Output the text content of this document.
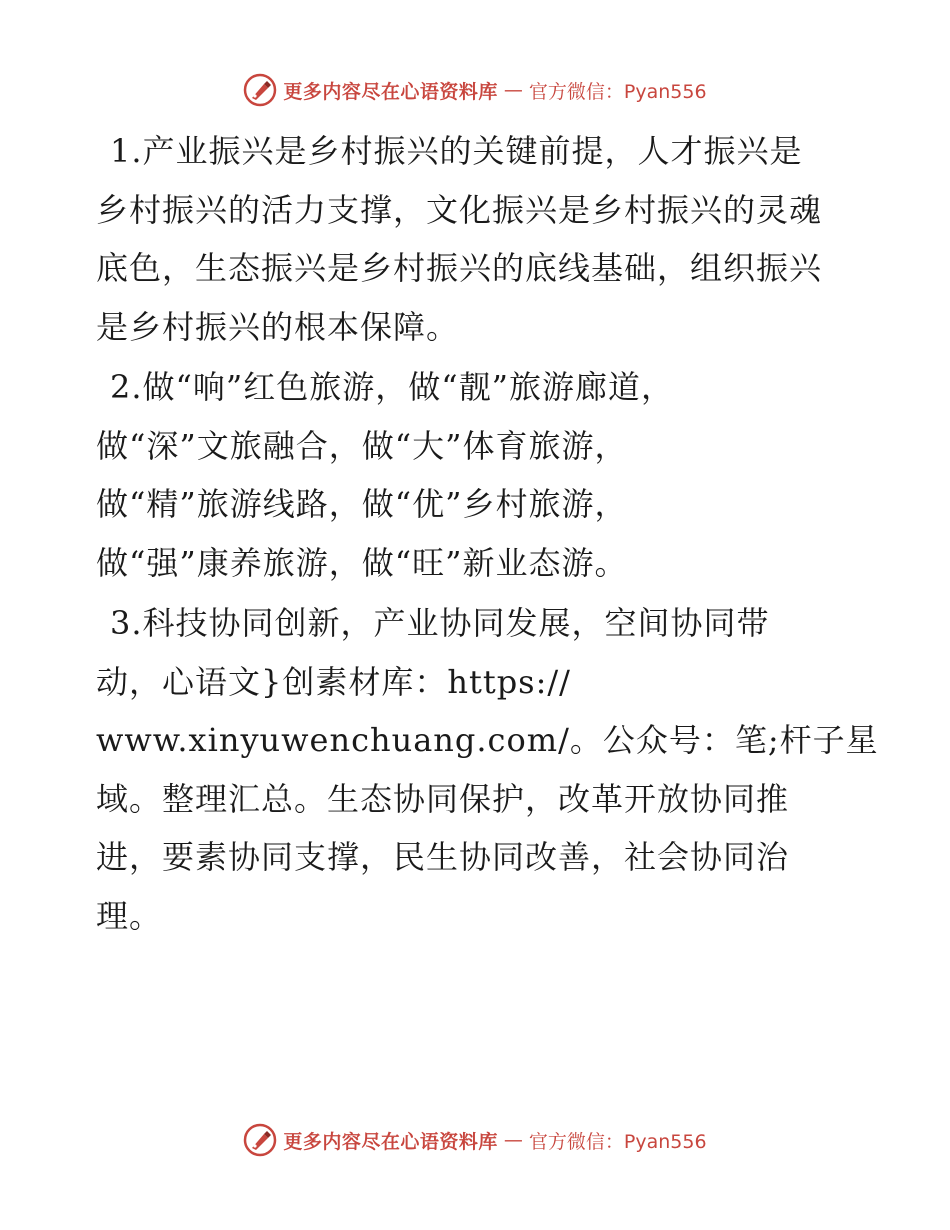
更多内容尽在心语资料库 — 官方微信：Pyan556
1.产业振兴是乡村振兴的关键前提，人才振兴是
乡村振兴的活力支撑，文化振兴是乡村振兴的灵魂
底色，生态振兴是乡村振兴的底线基础，组织振兴
是乡村振兴的根本保障。
2.做“响”红色旅游，做“靓”旅游廊道，
做“深”文旅融合，做“大”体育旅游，
做“精”旅游线路，做“优”乡村旅游，
做“强”康养旅游，做“旺”新业态游。
3.科技协同创新，产业协同发展，空间协同带
动，心语文}创素材库：https://
www.xinyuwenchuang.com/。公众号：笔;杆子星
域。整理汇总。生态协同保护，改革开放协同推
进，要素协同支撑，民生协同改善，社会协同治
理。
更多内容尽在心语资料库 — 官方微信：Pyan556
